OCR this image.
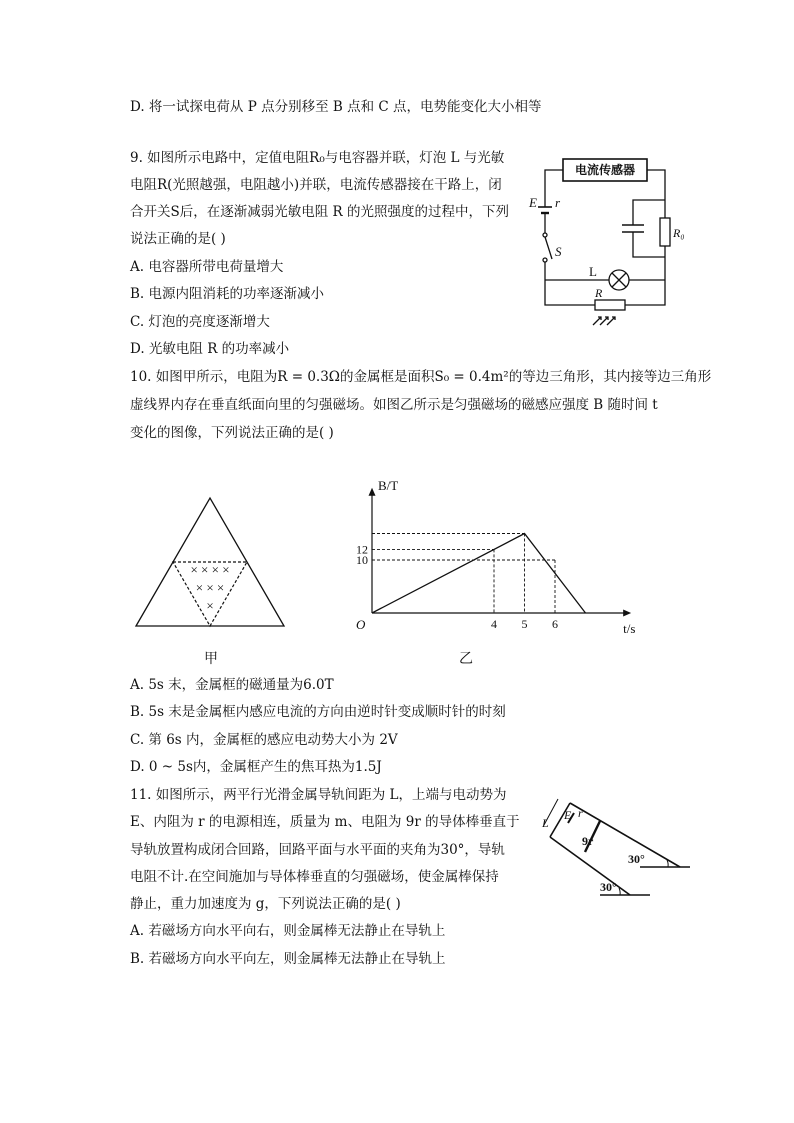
D. 将一试探电荷从 P 点分别移至 B 点和 C 点，电势能变化大小相等
9. 如图所示电路中，定值电阻R₀与电容器并联，灯泡 L 与光敏
电阻R(光照越强，电阻越小)并联，电流传感器接在干路上，闭
合开关S后，在逐渐减弱光敏电阻 R 的光照强度的过程中，下列
说法正确的是( )
A. 电容器所带电荷量增大
B. 电源内阻消耗的功率逐渐减小
C. 灯泡的亮度逐渐增大
D. 光敏电阻 R 的功率减小
电流传感器
E r
S
L
R
R₀
10. 如图甲所示，电阻为R = 0.3Ω的金属框是面积S₀ = 0.4m²的等边三角形，其内接等边三角形
虚线界内存在垂直纸面向里的匀强磁场。如图乙所示是匀强磁场的磁感应强度 B 随时间 t
变化的图像，下列说法正确的是( )
× × × ×
× × ×
×
甲
B/T
t/s
O
12
10
4 5 6
乙
A. 5s 末，金属框的磁通量为6.0T
B. 5s 末是金属框内感应电流的方向由逆时针变成顺时针的时刻
C. 第 6s 内，金属框的感应电动势大小为 2V
D. 0 ~ 5s内，金属框产生的焦耳热为1.5J
11. 如图所示，两平行光滑金属导轨间距为 L，上端与电动势为
E、内阻为 r 的电源相连，质量为 m、电阻为 9r 的导体棒垂直于
导轨放置构成闭合回路，回路平面与水平面的夹角为30°，导轨
电阻不计.在空间施加与导体棒垂直的匀强磁场，使金属棒保持
静止，重力加速度为 g，下列说法正确的是( )
A. 若磁场方向水平向右，则金属棒无法静止在导轨上
B. 若磁场方向水平向左，则金属棒无法静止在导轨上
L
E r
9r
30°
30°
